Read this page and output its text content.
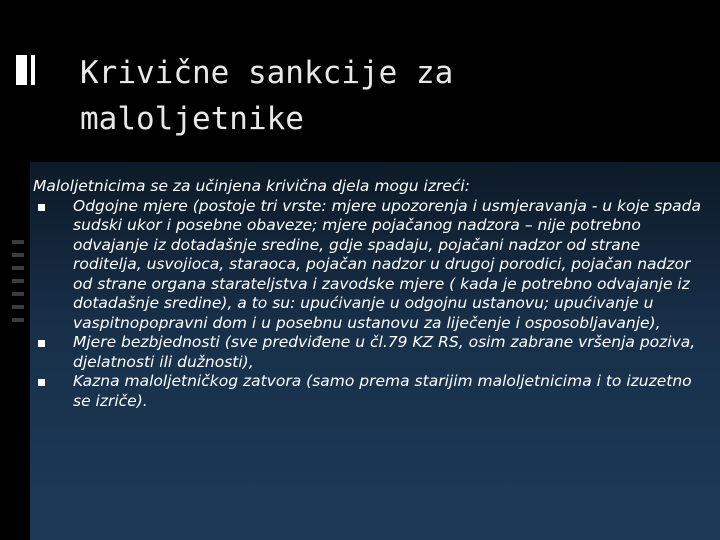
Krivične sankcije za
maloljetnike

Maloljetnicima se za učinjena krivična djela mogu izreći:

Odgojne mjere (postoje tri vrste: mjere upozorenja i usmjeravanja - u koje spada sudski ukor i posebne obaveze; mjere pojačanog nadzora – nije potrebno odvajanje iz dotadašnje sredine, gdje spadaju, pojačani nadzor od strane roditelja, usvojioca, staraoca, pojačan nadzor u drugoj porodici, pojačan nadzor od strane organa starateljstva i zavodske mjere ( kada je potrebno odvajanje iz dotadašnje sredine), a to su: upućivanje u odgojnu ustanovu; upućivanje u vaspitnopopravni dom i u posebnu ustanovu za liječenje i osposobljavanje),
Mjere bezbjednosti (sve predviđene u čl.79 KZ RS, osim zabrane vršenja poziva, djelatnosti ili dužnosti),
Kazna maloljetničkog zatvora (samo prema starijim maloljetnicima i to izuzetno se izriče).
